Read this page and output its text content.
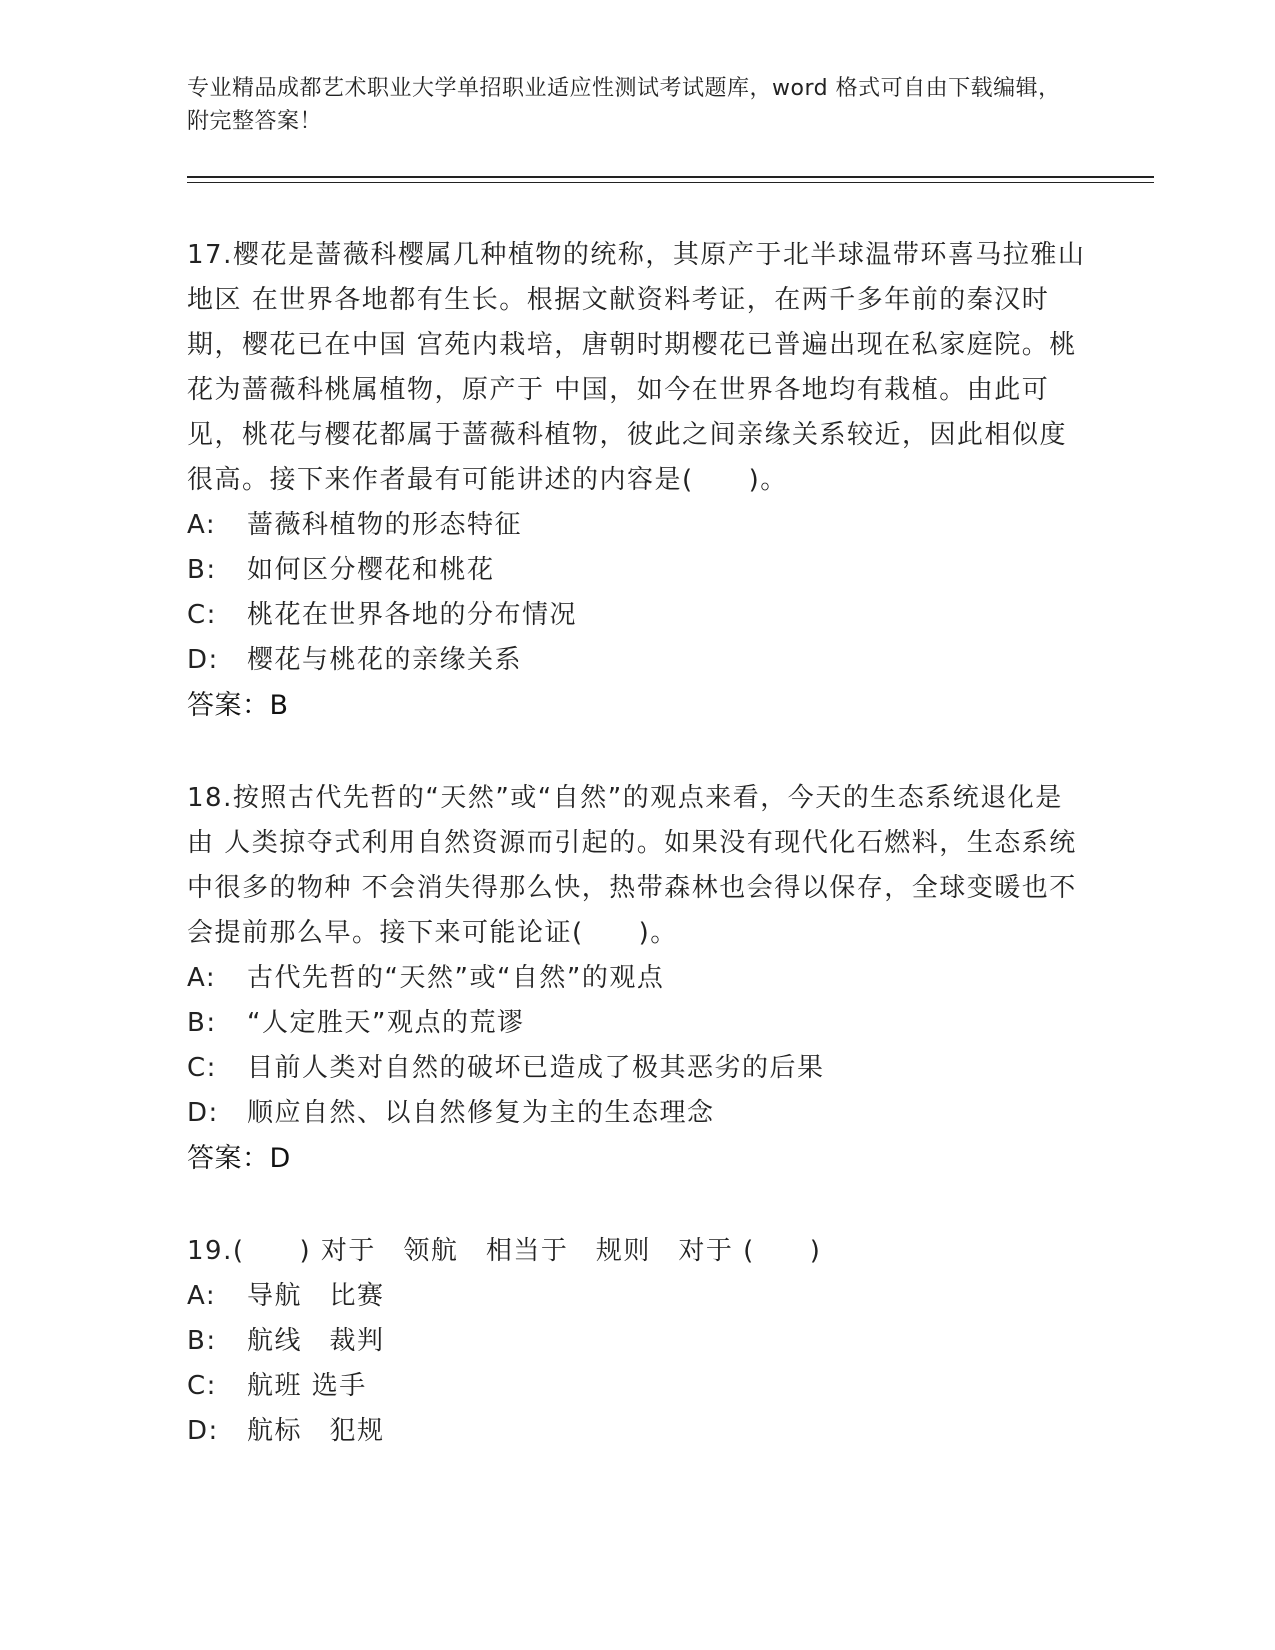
专业精品成都艺术职业大学单招职业适应性测试考试题库，word 格式可自由下载编辑，附完整答案！

17.樱花是蔷薇科樱属几种植物的统称，其原产于北半球温带环喜马拉雅山地区 在世界各地都有生长。根据文献资料考证，在两千多年前的秦汉时期，樱花已在中国 宫苑内栽培，唐朝时期樱花已普遍出现在私家庭院。桃花为蔷薇科桃属植物，原产于 中国，如今在世界各地均有栽植。由此可见，桃花与樱花都属于蔷薇科植物，彼此之间亲缘关系较近，因此相似度很高。接下来作者最有可能讲述的内容是(　　)。

A:	蔷薇科植物的形态特征
B:	如何区分樱花和桃花
C:	桃花在世界各地的分布情况
D:	樱花与桃花的亲缘关系
答案：B

18.按照古代先哲的“天然”或“自然”的观点来看，今天的生态系统退化是由 人类掠夺式利用自然资源而引起的。如果没有现代化石燃料，生态系统中很多的物种 不会消失得那么快，热带森林也会得以保存，全球变暖也不会提前那么早。接下来可能论证(　　)。

A:	古代先哲的“天然”或“自然”的观点
B:	“人定胜天”观点的荒谬
C:	目前人类对自然的破坏已造成了极其恶劣的后果
D:	顺应自然、以自然修复为主的生态理念
答案：D

19.(　　) 对于　领航　相当于　规则　对于 (　　)

A:	导航　比赛
B:	航线　裁判
C:	航班 选手
D:	航标　犯规
